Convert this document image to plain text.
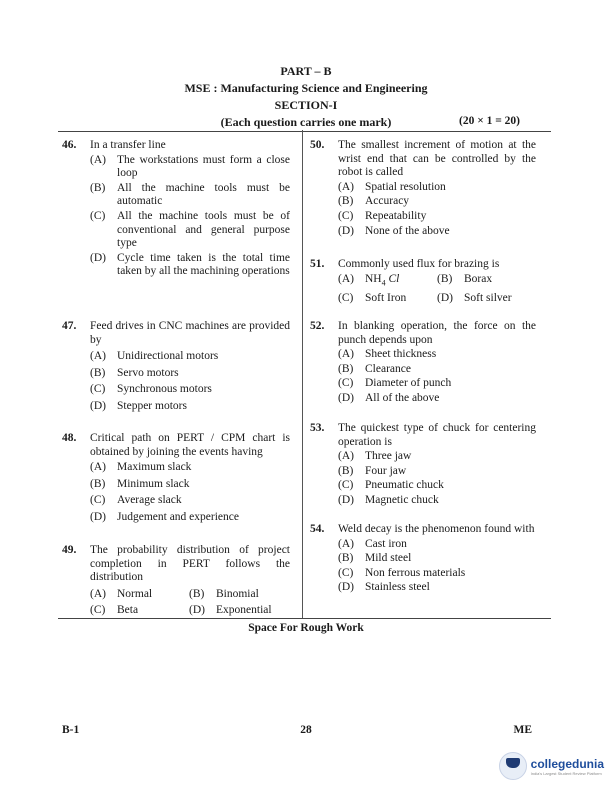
PART – B
MSE : Manufacturing Science and Engineering
SECTION-I
(Each question carries one mark)	(20 × 1 = 20)
46. In a transfer line
(A) The workstations must form a close loop
(B) All the machine tools must be automatic
(C) All the machine tools must be of conventional and general purpose type
(D) Cycle time taken is the total time taken by all the machining operations
47. Feed drives in CNC machines are provided by
(A) Unidirectional motors
(B) Servo motors
(C) Synchronous motors
(D) Stepper motors
48. Critical path on PERT / CPM chart is obtained by joining the events having
(A) Maximum slack
(B) Minimum slack
(C) Average slack
(D) Judgement and experience
49. The probability distribution of project completion in PERT follows the distribution
(A) Normal	(B) Binomial
(C) Beta	(D) Exponential
50. The smallest increment of motion at the wrist end that can be controlled by the robot is called
(A) Spatial resolution
(B) Accuracy
(C) Repeatability
(D) None of the above
51. Commonly used flux for brazing is
(A) $NH_4$ Cl	(B) Borax
(C) Soft Iron	(D) Soft silver
52. In blanking operation, the force on the punch depends upon
(A) Sheet thickness
(B) Clearance
(C) Diameter of punch
(D) All of the above
53. The quickest type of chuck for centering operation is
(A) Three jaw
(B) Four jaw
(C) Pneumatic chuck
(D) Magnetic chuck
54. Weld decay is the phenomenon found with
(A) Cast iron
(B) Mild steel
(C) Non ferrous materials
(D) Stainless steel
Space For Rough Work
B-1	28	ME
collegedunia
India's Largest Student Review Platform
